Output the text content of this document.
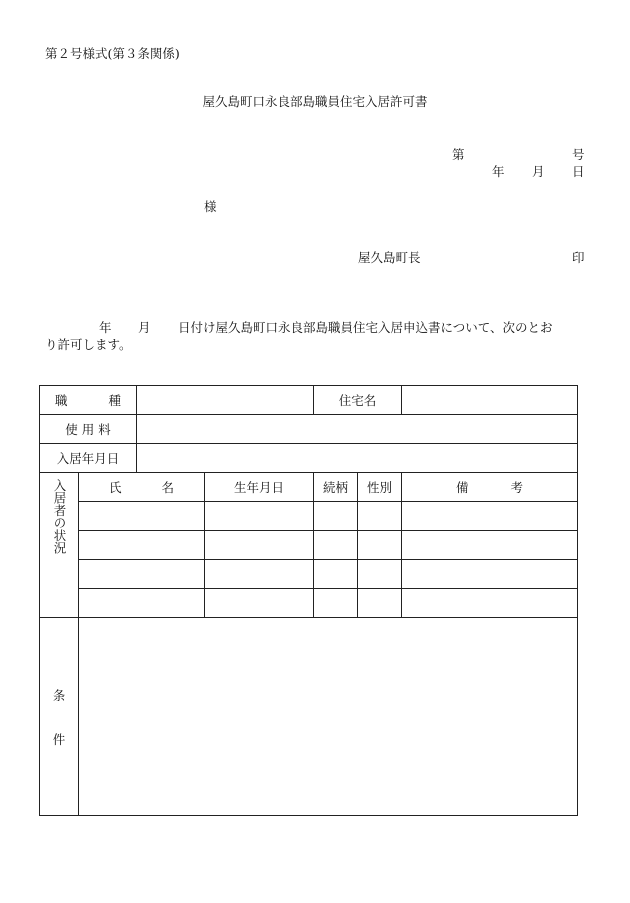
第２号様式(第３条関係)
屋久島町口永良部島職員住宅入居許可書
第	号
年 月 日
様
屋久島町長	印
年 月 日付け屋久島町口永良部島職員住宅入居申込書について、次のとお
り許可します。
職 種				住宅名		
使 用 料						
入居年月日						
入居者の状況	氏 名		生年月日	続柄	性別	備 考

条
件						
